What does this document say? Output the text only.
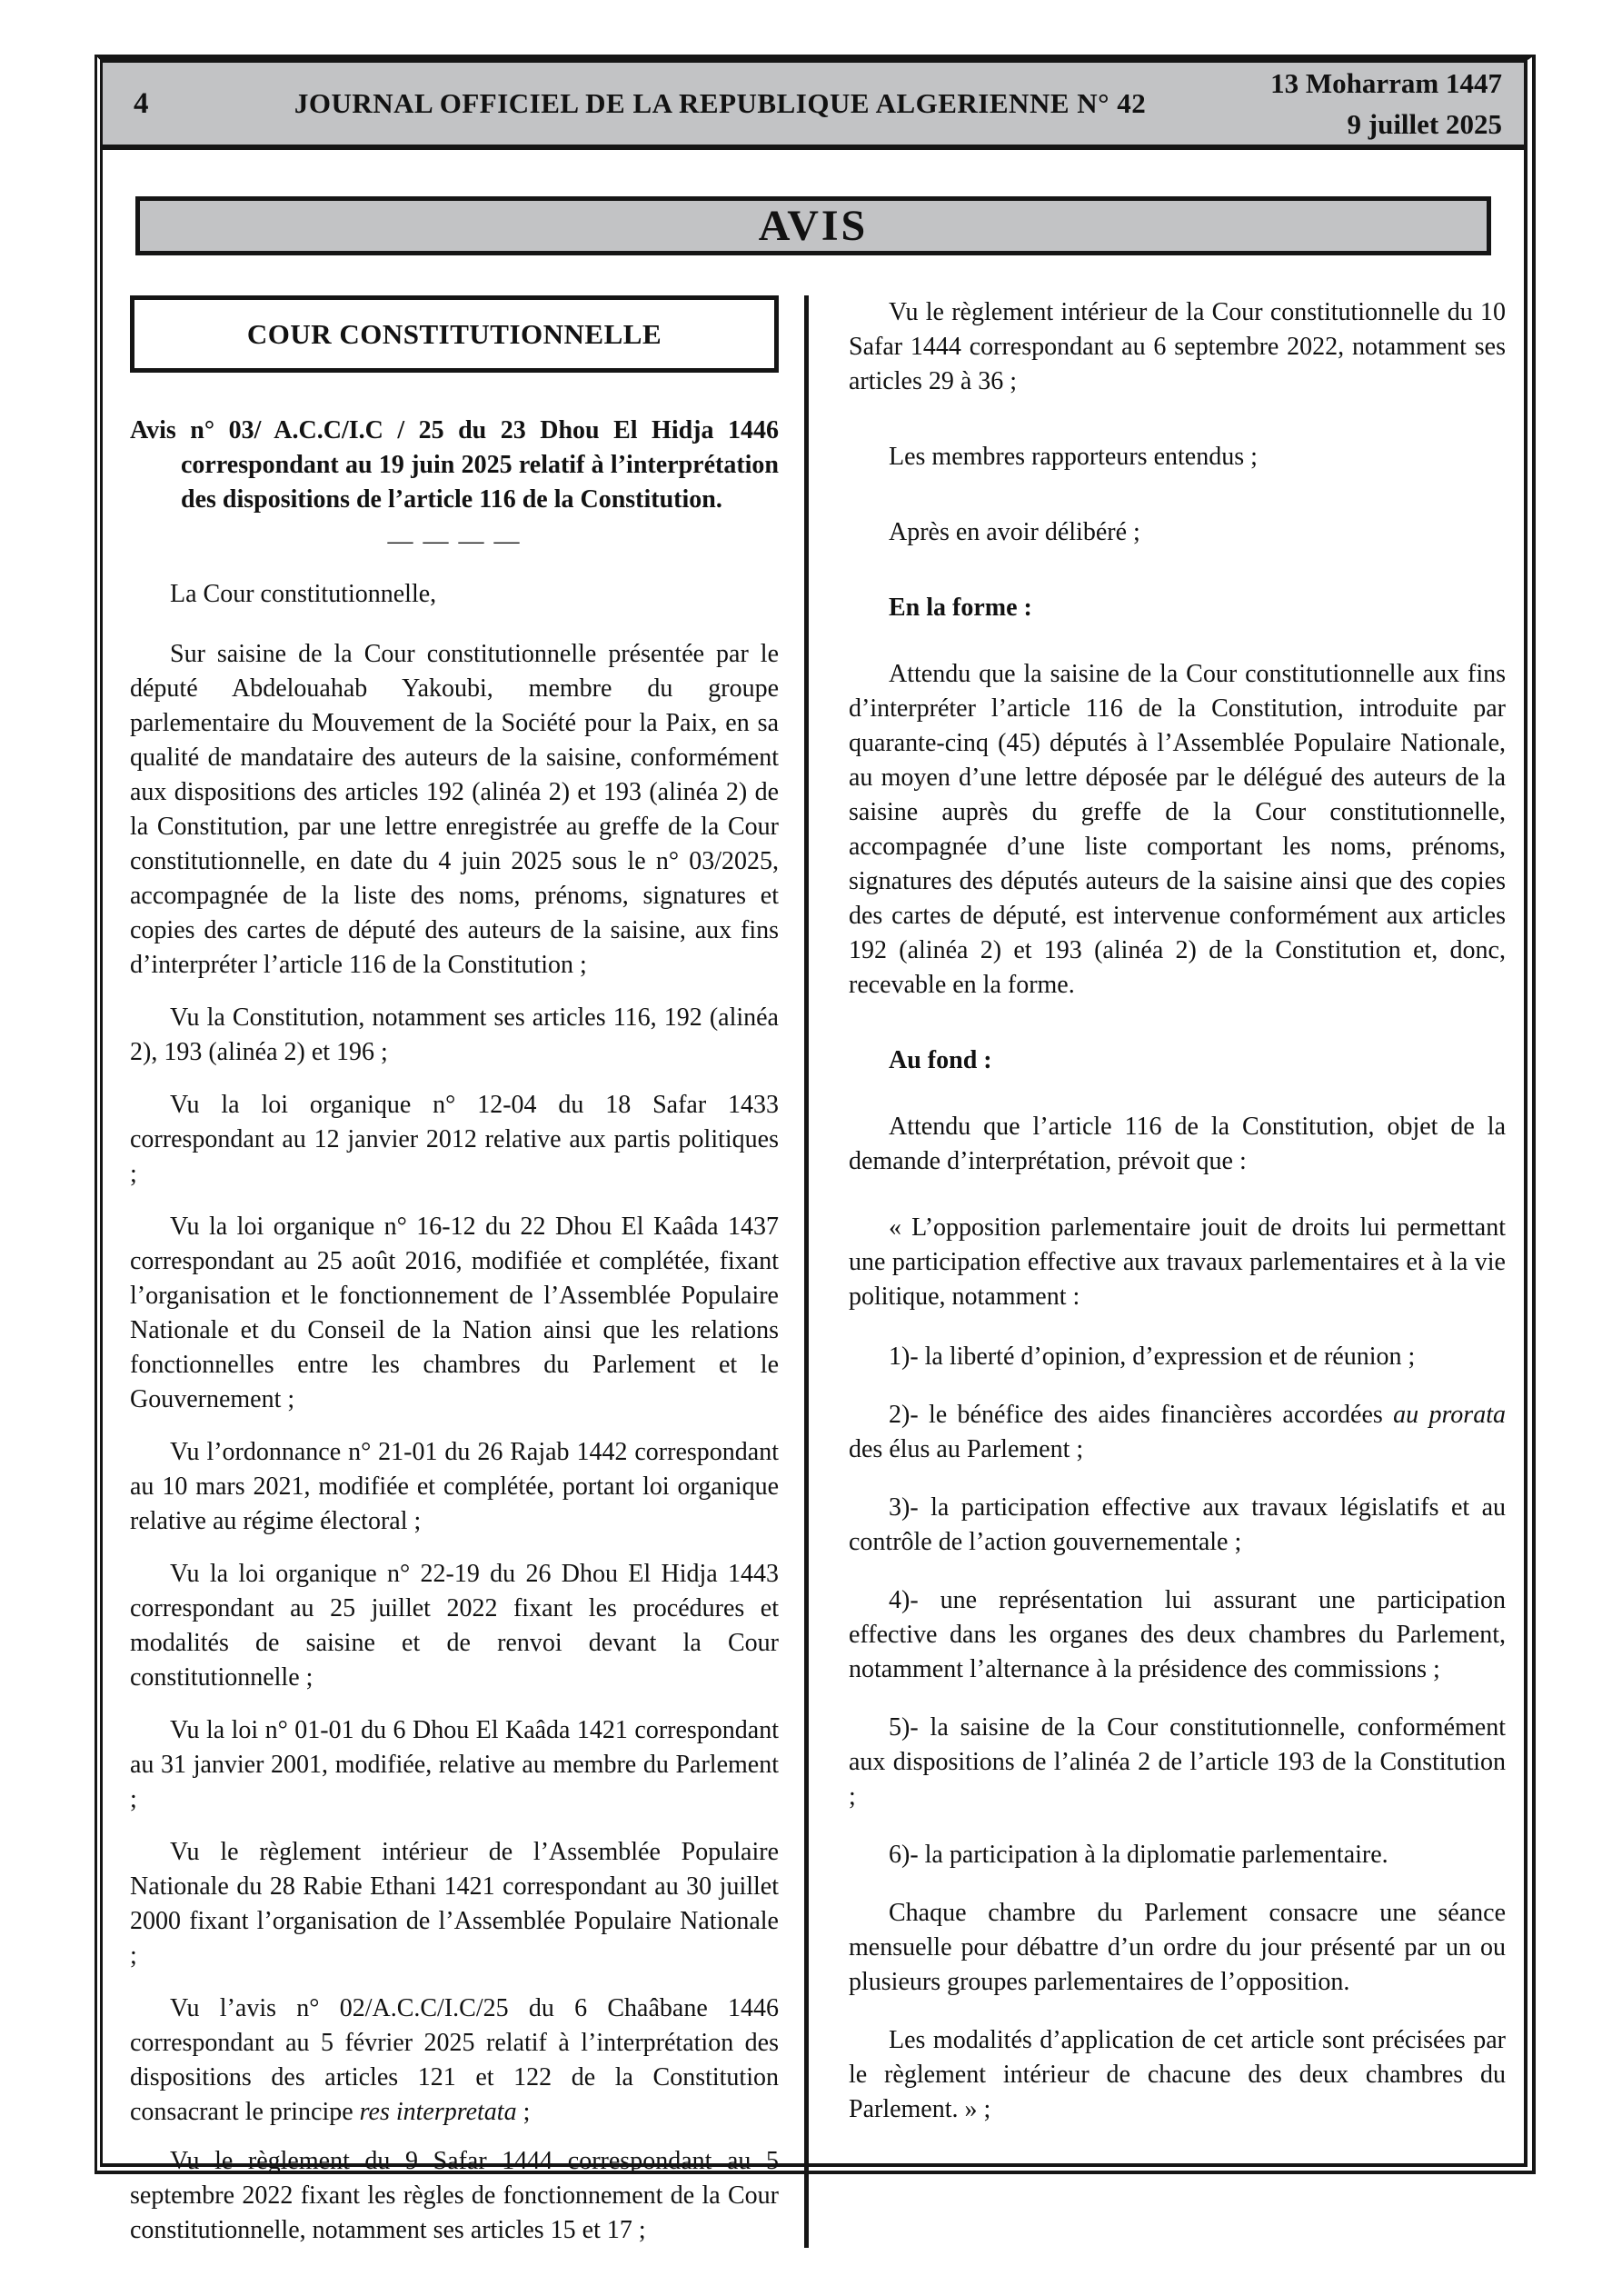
4	JOURNAL OFFICIEL DE LA REPUBLIQUE ALGERIENNE N° 42
13 Moharram 1447
9 juillet 2025
AVIS
COUR CONSTITUTIONNELLE

Avis n° 03/ A.C.C/I.C / 25 du 23 Dhou El Hidja 1446 correspondant au 19 juin 2025 relatif à l’interprétation des dispositions de l’article 116 de la Constitution.

— — — —

La Cour constitutionnelle,

Sur saisine de la Cour constitutionnelle présentée par le député Abdelouahab Yakoubi, membre du groupe parlementaire du Mouvement de la Société pour la Paix, en sa qualité de mandataire des auteurs de la saisine, conformément aux dispositions des articles 192 (alinéa 2) et 193 (alinéa 2) de la Constitution, par une lettre enregistrée au greffe de la Cour constitutionnelle, en date du 4 juin 2025 sous le n° 03/2025, accompagnée de la liste des noms, prénoms, signatures et copies des cartes de député des auteurs de la saisine, aux fins d’interpréter l’article 116 de la Constitution ;

Vu la Constitution, notamment ses articles 116, 192 (alinéa 2), 193 (alinéa 2) et 196 ;

Vu la loi organique n° 12-04 du 18 Safar 1433 correspondant au 12 janvier 2012 relative aux partis politiques ;

Vu la loi organique n° 16-12 du 22 Dhou El Kaâda 1437 correspondant au 25 août 2016, modifiée et complétée, fixant l’organisation et le fonctionnement de l’Assemblée Populaire Nationale et du Conseil de la Nation ainsi que les relations fonctionnelles entre les chambres du Parlement et le Gouvernement ;

Vu l’ordonnance n° 21-01 du 26 Rajab 1442 correspondant au 10 mars 2021, modifiée et complétée, portant loi organique relative au régime électoral ;

Vu la loi organique n° 22-19 du 26 Dhou El Hidja 1443 correspondant au 25 juillet 2022 fixant les procédures et modalités de saisine et de renvoi devant la Cour constitutionnelle ;

Vu la loi n° 01-01 du 6 Dhou El Kaâda 1421 correspondant au 31 janvier 2001, modifiée, relative au membre du Parlement ;

Vu le règlement intérieur de l’Assemblée Populaire Nationale du 28 Rabie Ethani 1421 correspondant au 30 juillet 2000 fixant l’organisation de l’Assemblée Populaire Nationale ;

Vu l’avis n° 02/A.C.C/I.C/25 du 6 Chaâbane 1446 correspondant au 5 février 2025 relatif à l’interprétation des dispositions des articles 121 et 122 de la Constitution consacrant le principe res interpretata ;

Vu le règlement du 9 Safar 1444 correspondant au 5 septembre 2022 fixant les règles de fonctionnement de la Cour constitutionnelle, notamment ses articles 15 et 17 ;

Vu le règlement intérieur de la Cour constitutionnelle du 10 Safar 1444 correspondant au 6 septembre 2022, notamment ses articles 29 à 36 ;

Les membres rapporteurs entendus ;

Après en avoir délibéré ;

En la forme :

Attendu que la saisine de la Cour constitutionnelle aux fins d’interpréter l’article 116 de la Constitution, introduite par quarante-cinq (45) députés à l’Assemblée Populaire Nationale, au moyen d’une lettre déposée par le délégué des auteurs de la saisine auprès du greffe de la Cour constitutionnelle, accompagnée d’une liste comportant les noms, prénoms, signatures des députés auteurs de la saisine ainsi que des copies des cartes de député, est intervenue conformément aux articles 192 (alinéa 2) et 193 (alinéa 2) de la Constitution et, donc, recevable en la forme.

Au fond :

Attendu que l’article 116 de la Constitution, objet de la demande d’interprétation, prévoit que :

« L’opposition parlementaire jouit de droits lui permettant une participation effective aux travaux parlementaires et à la vie politique, notamment :

1)- la liberté d’opinion, d’expression et de réunion ;

2)- le bénéfice des aides financières accordées au prorata des élus au Parlement ;

3)- la participation effective aux travaux législatifs et au contrôle de l’action gouvernementale ;

4)- une représentation lui assurant une participation effective dans les organes des deux chambres du Parlement, notamment l’alternance à la présidence des commissions ;

5)- la saisine de la Cour constitutionnelle, conformément aux dispositions de l’alinéa 2 de l’article 193 de la Constitution ;

6)- la participation à la diplomatie parlementaire.

Chaque chambre du Parlement consacre une séance mensuelle pour débattre d’un ordre du jour présenté par un ou plusieurs groupes parlementaires de l’opposition.

Les modalités d’application de cet article sont précisées par le règlement intérieur de chacune des deux chambres du Parlement. » ;
